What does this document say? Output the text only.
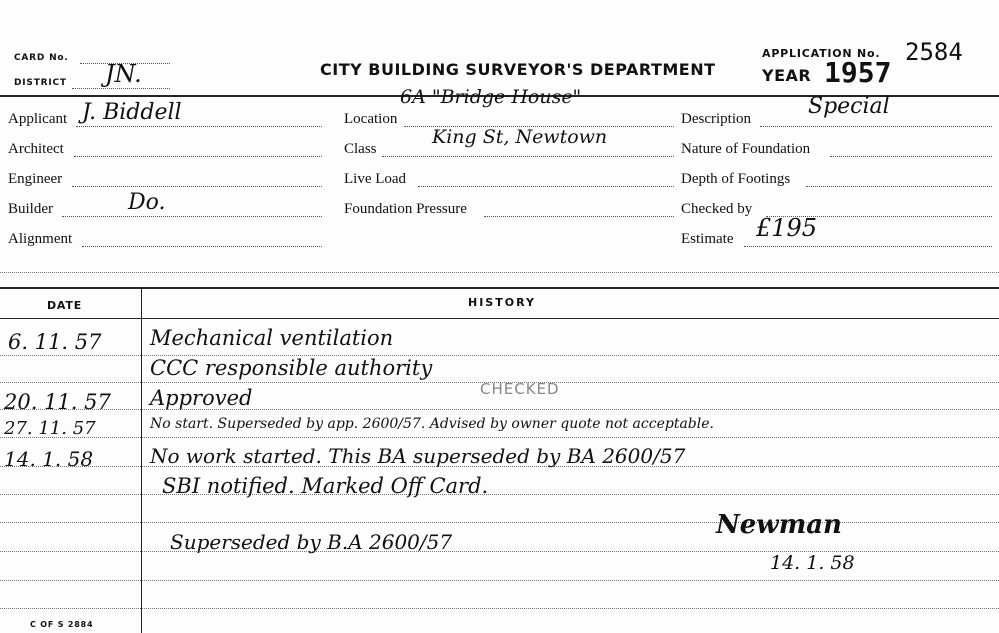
CARD No.
DISTRICT JN.	CITY BUILDING SURVEYOR'S DEPARTMENT
APPLICATION No. 2584
YEAR 1957
Applicant J. Biddell
Architect
Engineer
Builder	Do.
Alignment
Location
6A "Bridge House"
Class
King St, Newtown
Live Load
Foundation Pressure
Description	Special
Nature of Foundation
Depth of Footings
Checked by
Estimate £195
DATE	HISTORY
CHECKED
6. 11. 57 Mechanical ventilation
CCC responsible authority
20. 11. 57 Approved
27. 11. 57	No start. Superseded by app. 2600/57. Advised by owner quote not acceptable.
14. 1. 58	No work started. This BA superseded by BA 2600/57
SBI notified. Marked Off Card.
Superseded by B.A 2600/57
Newman
14. 1. 58
C OF S 2884
